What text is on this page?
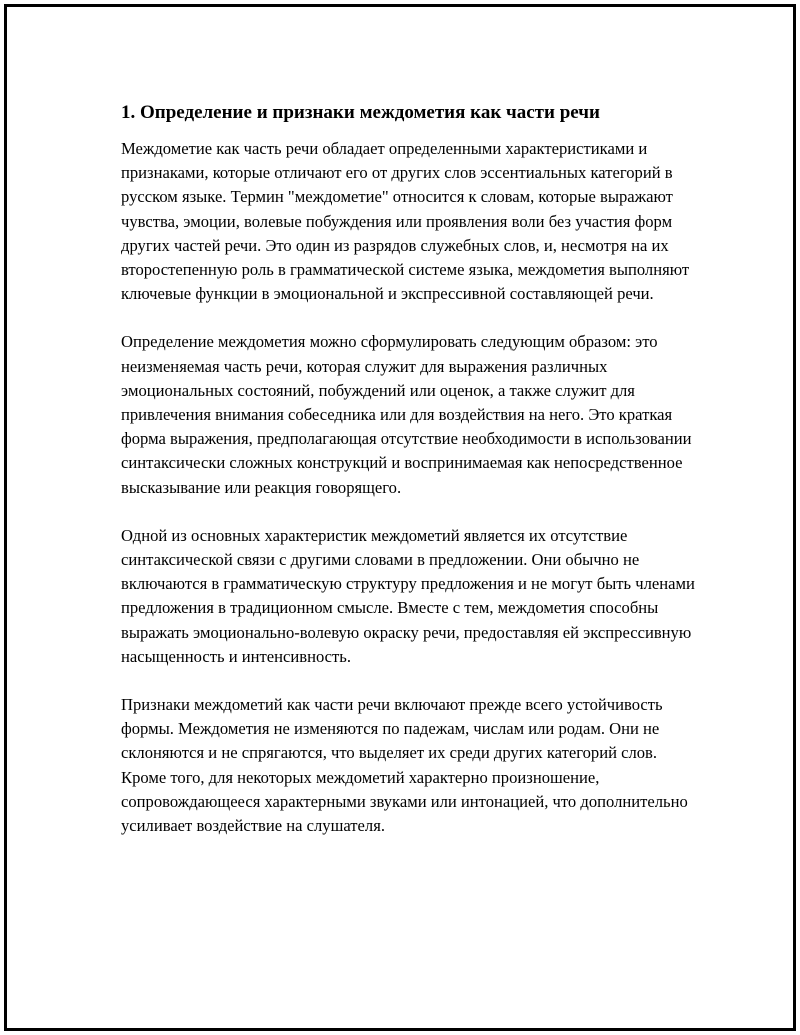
1. Определение и признаки междометия как части речи

Междометие как часть речи обладает определенными характеристиками и признаками, которые отличают его от других слов эссентиальных категорий в русском языке. Термин "междометие" относится к словам, которые выражают чувства, эмоции, волевые побуждения или проявления воли без участия форм других частей речи. Это один из разрядов служебных слов, и, несмотря на их второстепенную роль в грамматической системе языка, междометия выполняют ключевые функции в эмоциональной и экспрессивной составляющей речи.

Определение междометия можно сформулировать следующим образом: это неизменяемая часть речи, которая служит для выражения различных эмоциональных состояний, побуждений или оценок, а также служит для привлечения внимания собеседника или для воздействия на него. Это краткая форма выражения, предполагающая отсутствие необходимости в использовании синтаксически сложных конструкций и воспринимаемая как непосредственное высказывание или реакция говорящего.

Одной из основных характеристик междометий является их отсутствие синтаксической связи с другими словами в предложении. Они обычно не включаются в грамматическую структуру предложения и не могут быть членами предложения в традиционном смысле. Вместе с тем, междометия способны выражать эмоционально-волевую окраску речи, предоставляя ей экспрессивную насыщенность и интенсивность.

Признаки междометий как части речи включают прежде всего устойчивость формы. Междометия не изменяются по падежам, числам или родам. Они не склоняются и не спрягаются, что выделяет их среди других категорий слов. Кроме того, для некоторых междометий характерно произношение, сопровождающееся характерными звуками или интонацией, что дополнительно усиливает воздействие на слушателя.
